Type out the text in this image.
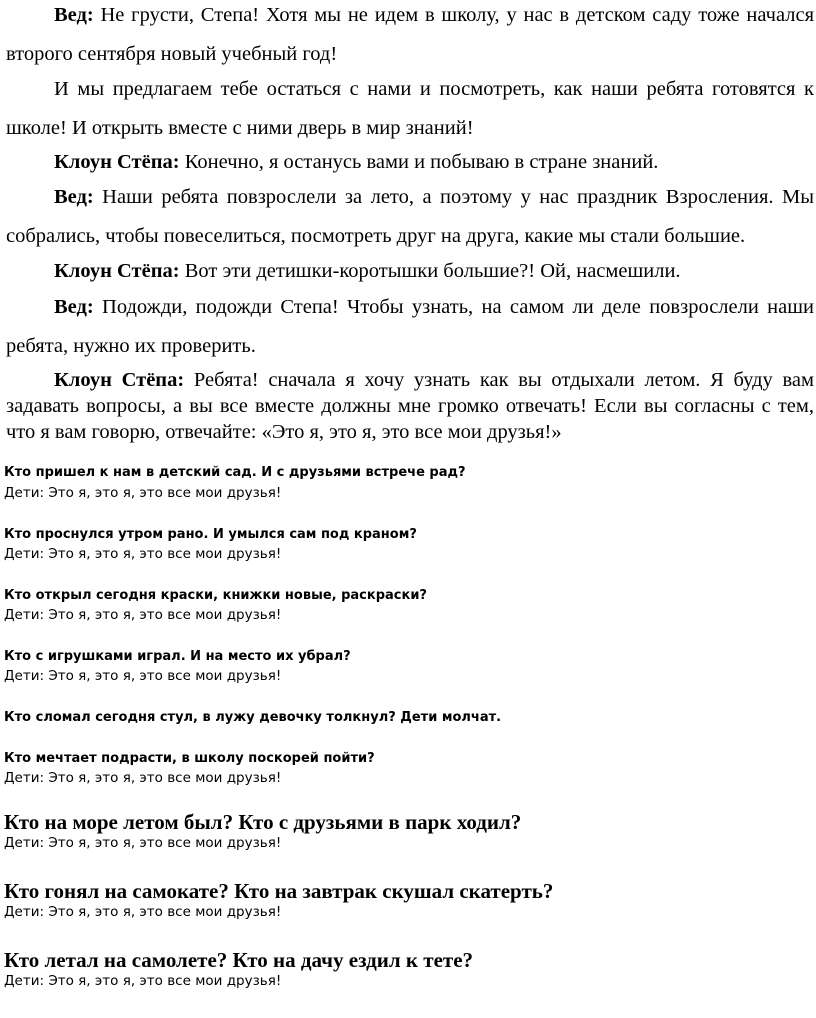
Вед: Не грусти, Степа! Хотя мы не идем в школу, у нас в детском саду тоже начался второго сентября новый учебный год!

И мы предлагаем тебе остаться с нами и посмотреть, как наши ребята готовятся к школе! И открыть вместе с ними дверь в мир знаний!

Клоун Стёпа: Конечно, я останусь вами и побываю в стране знаний.

Вед: Наши ребята повзрослели за лето, а поэтому у нас праздник Взросления. Мы собрались, чтобы повеселиться, посмотреть друг на друга, какие мы стали большие.

Клоун Стёпа: Вот эти детишки-коротышки большие?! Ой, насмешили.

Вед: Подожди, подожди Степа! Чтобы узнать, на самом ли деле повзрослели наши ребята, нужно их проверить.

Клоун Стёпа: Ребята! сначала я хочу узнать как вы отдыхали летом. Я буду вам задавать вопросы, а вы все вместе должны мне громко отвечать! Если вы согласны с тем, что я вам говорю, отвечайте: «Это я, это я, это все мои друзья!»

Кто пришел к нам в детский сад. И с друзьями встрече рад?

Дети: Это я, это я, это все мои друзья!

Кто проснулся утром рано. И умылся сам под краном?

Дети: Это я, это я, это все мои друзья!

Кто открыл сегодня краски, книжки новые, раскраски?

Дети: Это я, это я, это все мои друзья!

Кто с игрушками играл. И на место их убрал?

Дети: Это я, это я, это все мои друзья!

Кто сломал сегодня стул, в лужу девочку толкнул? Дети молчат.

Кто мечтает подрасти, в школу поскорей пойти?

Дети: Это я, это я, это все мои друзья!

Кто на море летом был? Кто с друзьями в парк ходил?

Дети: Это я, это я, это все мои друзья!

Кто гонял на самокате? Кто на завтрак скушал скатерть?

Дети: Это я, это я, это все мои друзья!

Кто летал на самолете? Кто на дачу ездил к тете?

Дети: Это я, это я, это все мои друзья!
